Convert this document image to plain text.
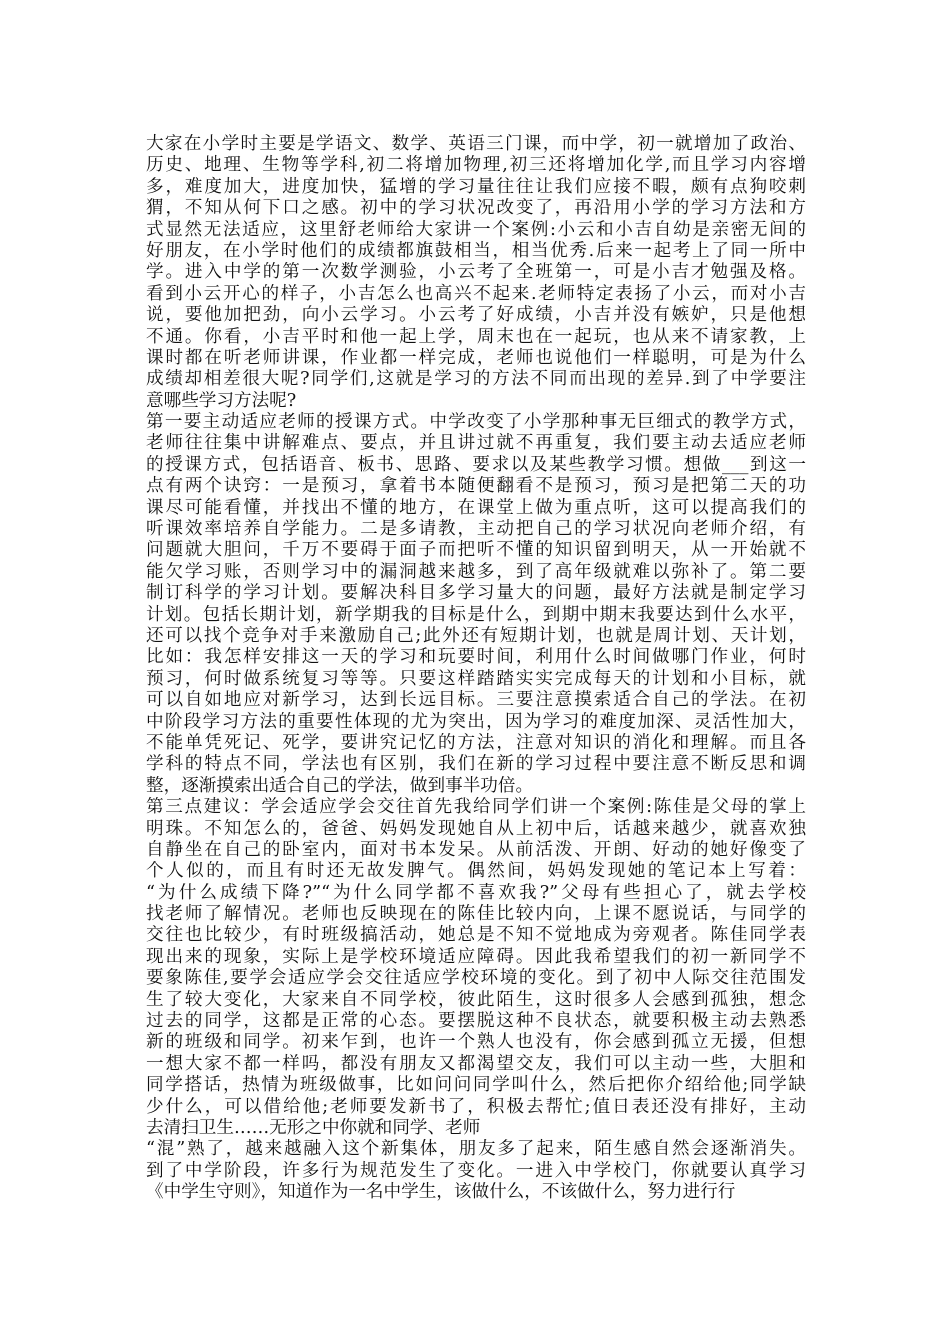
大家在小学时主要是学语文、数学、英语三门课，而中学，初一就增加了政治、
历史、地理、生物等学科,初二将增加物理,初三还将增加化学,而且学习内容增
多，难度加大，进度加快，猛增的学习量往往让我们应接不暇，颇有点狗咬刺
猬，不知从何下口之感。初中的学习状况改变了，再沿用小学的学习方法和方
式显然无法适应，这里舒老师给大家讲一个案例:小云和小吉自幼是亲密无间的
好朋友，在小学时他们的成绩都旗鼓相当，相当优秀.后来一起考上了同一所中
学。进入中学的第一次数学测验，小云考了全班第一，可是小吉才勉强及格。
看到小云开心的样子，小吉怎么也高兴不起来.老师特定表扬了小云，而对小吉
说，要他加把劲，向小云学习。小云考了好成绩，小吉并没有嫉妒，只是他想
不通。你看，小吉平时和他一起上学，周末也在一起玩，也从来不请家教，上
课时都在听老师讲课，作业都一样完成，老师也说他们一样聪明，可是为什么
成绩却相差很大呢?同学们,这就是学习的方法不同而出现的差异.到了中学要注
意哪些学习方法呢?
第一要主动适应老师的授课方式。中学改变了小学那种事无巨细式的教学方式，
老师往往集中讲解难点、要点，并且讲过就不再重复，我们要主动去适应老师
的授课方式，包括语音、板书、思路、要求以及某些教学习惯。想做___到这一
点有两个诀窍：一是预习，拿着书本随便翻看不是预习，预习是把第二天的功
课尽可能看懂，并找出不懂的地方，在课堂上做为重点听，这可以提高我们的
听课效率培养自学能力。二是多请教，主动把自己的学习状况向老师介绍，有
问题就大胆问，千万不要碍于面子而把听不懂的知识留到明天，从一开始就不
能欠学习账，否则学习中的漏洞越来越多，到了高年级就难以弥补了。第二要
制订科学的学习计划。要解决科目多学习量大的问题，最好方法就是制定学习
计划。包括长期计划，新学期我的目标是什么，到期中期末我要达到什么水平，
还可以找个竞争对手来激励自己;此外还有短期计划，也就是周计划、天计划，
比如：我怎样安排这一天的学习和玩要时间，利用什么时间做哪门作业，何时
预习，何时做系统复习等等。只要这样踏踏实实完成每天的计划和小目标，就
可以自如地应对新学习，达到长远目标。三要注意摸索适合自己的学法。在初
中阶段学习方法的重要性体现的尤为突出，因为学习的难度加深、灵活性加大，
不能单凭死记、死学，要讲究记忆的方法，注意对知识的消化和理解。而且各
学科的特点不同，学法也有区别，我们在新的学习过程中要注意不断反思和调
整，逐渐摸索出适合自己的学法，做到事半功倍。
第三点建议：学会适应学会交往首先我给同学们讲一个案例:陈佳是父母的掌上
明珠。不知怎么的，爸爸、妈妈发现她自从上初中后，话越来越少，就喜欢独
自静坐在自己的卧室内，面对书本发呆。从前活泼、开朗、好动的她好像变了
个人似的，而且有时还无故发脾气。偶然间，妈妈发现她的笔记本上写着：
“为什么成绩下降?”“为什么同学都不喜欢我?”父母有些担心了，就去学校
找老师了解情况。老师也反映现在的陈佳比较内向，上课不愿说话，与同学的
交往也比较少，有时班级搞活动，她总是不知不觉地成为旁观者。陈佳同学表
现出来的现象，实际上是学校环境适应障碍。因此我希望我们的初一新同学不
要象陈佳,要学会适应学会交往适应学校环境的变化。到了初中人际交往范围发
生了较大变化，大家来自不同学校，彼此陌生，这时很多人会感到孤独，想念
过去的同学，这都是正常的心态。要摆脱这种不良状态，就要积极主动去熟悉
新的班级和同学。初来乍到，也许一个熟人也没有，你会感到孤立无援，但想
一想大家不都一样吗，都没有朋友又都渴望交友，我们可以主动一些，大胆和
同学搭话，热情为班级做事，比如问问同学叫什么，然后把你介绍给他;同学缺
少什么，可以借给他;老师要发新书了，积极去帮忙;值日表还没有排好，主动
去清扫卫生……无形之中你就和同学、老师
“混”熟了，越来越融入这个新集体，朋友多了起来，陌生感自然会逐渐消失。
到了中学阶段，许多行为规范发生了变化。一进入中学校门，你就要认真学习
《中学生守则》，知道作为一名中学生，该做什么，不该做什么，努力进行行
